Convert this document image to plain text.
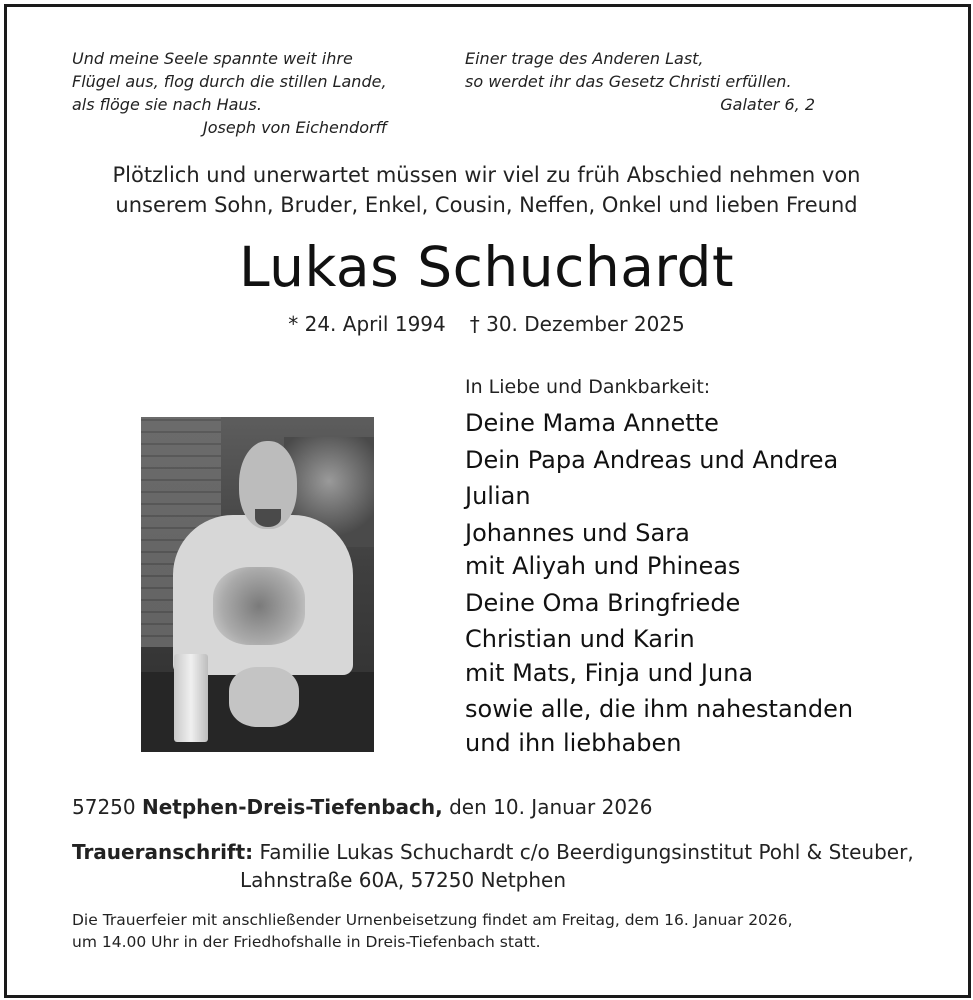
Und meine Seele spannte weit ihre
Flügel aus, flog durch die stillen Lande,
als flöge sie nach Haus.
Joseph von Eichendorff
Einer trage des Anderen Last,
so werdet ihr das Gesetz Christi erfüllen.
Galater 6, 2
Plötzlich und unerwartet müssen wir viel zu früh Abschied nehmen von
unserem Sohn, Bruder, Enkel, Cousin, Neffen, Onkel und lieben Freund
Lukas Schuchardt
* 24. April 1994 † 30. Dezember 2025
In Liebe und Dankbarkeit:
Deine Mama Annette
Dein Papa Andreas und Andrea
Julian
Johannes und Sara
mit Aliyah und Phineas
Deine Oma Bringfriede
Christian und Karin
mit Mats, Finja und Juna
sowie alle, die ihm nahestanden
und ihn liebhaben
57250 Netphen-Dreis-Tiefenbach, den 10. Januar 2026
Traueranschrift: Familie Lukas Schuchardt c/o Beerdigungsinstitut Pohl & Steuber,
Lahnstraße 60A, 57250 Netphen
Die Trauerfeier mit anschließender Urnenbeisetzung findet am Freitag, dem 16. Januar 2026,
um 14.00 Uhr in der Friedhofshalle in Dreis-Tiefenbach statt.
